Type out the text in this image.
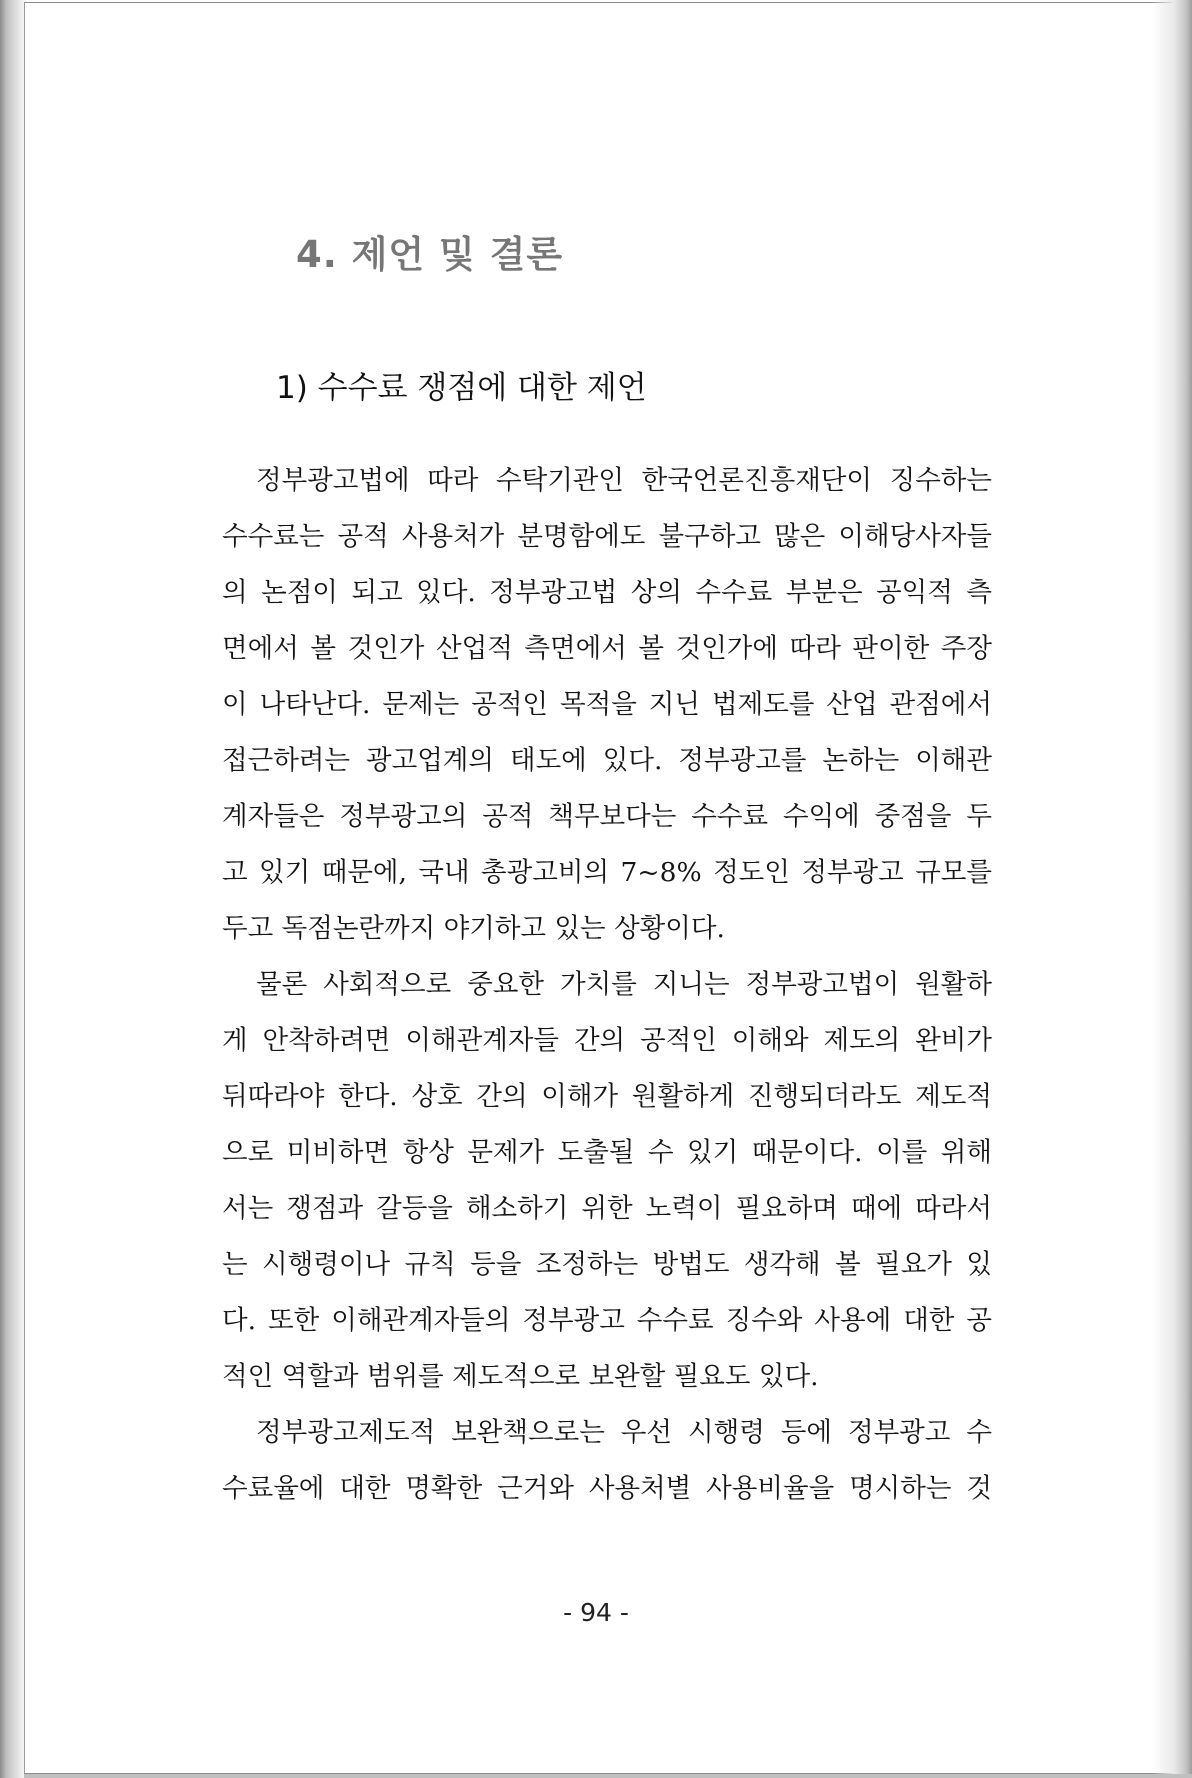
4. 제언 및 결론
1) 수수료 쟁점에 대한 제언
정부광고법에 따라 수탁기관인 한국언론진흥재단이 징수하는
수수료는 공적 사용처가 분명함에도 불구하고 많은 이해당사자들
의 논점이 되고 있다. 정부광고법 상의 수수료 부분은 공익적 측
면에서 볼 것인가 산업적 측면에서 볼 것인가에 따라 판이한 주장
이 나타난다. 문제는 공적인 목적을 지닌 법제도를 산업 관점에서
접근하려는 광고업계의 태도에 있다. 정부광고를 논하는 이해관
계자들은 정부광고의 공적 책무보다는 수수료 수익에 중점을 두
고 있기 때문에, 국내 총광고비의 7~8% 정도인 정부광고 규모를
두고 독점논란까지 야기하고 있는 상황이다.
물론 사회적으로 중요한 가치를 지니는 정부광고법이 원활하
게 안착하려면 이해관계자들 간의 공적인 이해와 제도의 완비가
뒤따라야 한다. 상호 간의 이해가 원활하게 진행되더라도 제도적
으로 미비하면 항상 문제가 도출될 수 있기 때문이다. 이를 위해
서는 쟁점과 갈등을 해소하기 위한 노력이 필요하며 때에 따라서
는 시행령이나 규칙 등을 조정하는 방법도 생각해 볼 필요가 있
다. 또한 이해관계자들의 정부광고 수수료 징수와 사용에 대한 공
적인 역할과 범위를 제도적으로 보완할 필요도 있다.
정부광고제도적 보완책으로는 우선 시행령 등에 정부광고 수
수료율에 대한 명확한 근거와 사용처별 사용비율을 명시하는 것
- 94 -
